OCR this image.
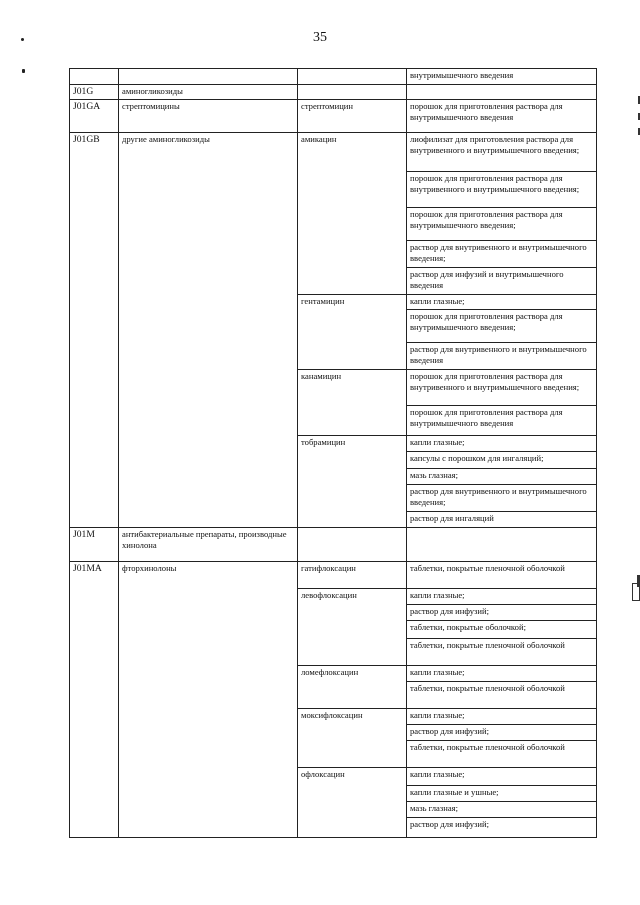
35
			внутримышечного введения
J01G	аминогликозиды		
J01GA	стрептомицины	стрептомицин	порошок для приготовления раствора для внутримышечного введения
J01GB	другие аминогликозиды	амикацин	лиофилизат для приготовления раствора для внутривенного и внутримышечного введения;
			порошок для приготовления раствора для внутривенного и внутримышечного введения;
			порошок для приготовления раствора для внутримышечного введения;
			раствор для внутривенного и внутримышечного введения;
			раствор для инфузий и внутримышечного введения
		гентамицин	капли глазные;
			порошок для приготовления раствора для внутримышечного введения;
			раствор для внутривенного и внутримышечного введения
		канамицин	порошок для приготовления раствора для внутривенного и внутримышечного введения;
			порошок для приготовления раствора для внутримышечного введения
		тобрамицин	капли глазные;
			капсулы с порошком для ингаляций;
			мазь глазная;
			раствор для внутривенного и внутримышечного введения;
			раствор для ингаляций
J01M	антибактериальные препараты, производные хинолона		
J01MA	фторхинолоны	гатифлоксацин	таблетки, покрытые пленочной оболочкой
		левофлоксацин	капли глазные;
			раствор для инфузий;
			таблетки, покрытые оболочкой;
			таблетки, покрытые пленочной оболочкой
		ломефлоксацин	капли глазные;
			таблетки, покрытые пленочной оболочкой
		моксифлоксацин	капли глазные;
			раствор для инфузий;
			таблетки, покрытые пленочной оболочкой
		офлоксацин	капли глазные;
			капли глазные и ушные;
			мазь глазная;
			раствор для инфузий;
